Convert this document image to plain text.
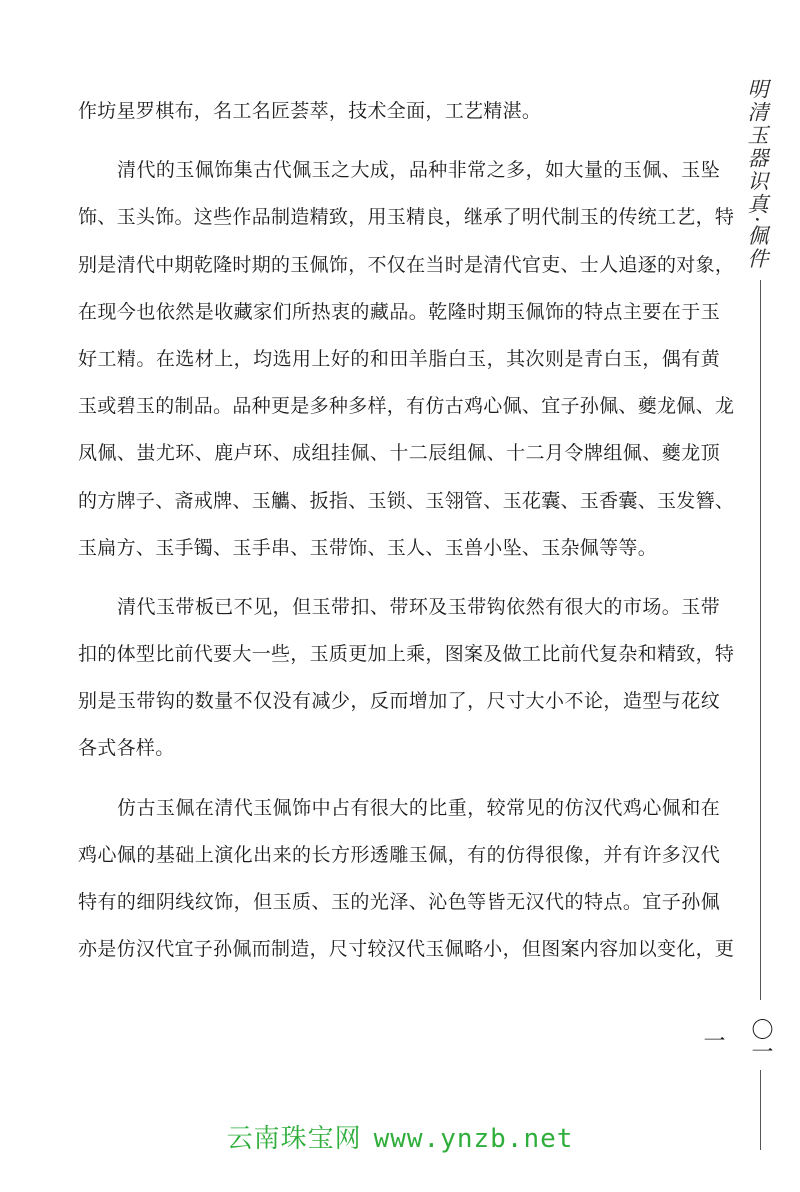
作坊星罗棋布，名工名匠荟萃，技术全面，工艺精湛。
清代的玉佩饰集古代佩玉之大成，品种非常之多，如大量的玉佩、玉坠
饰、玉头饰。这些作品制造精致，用玉精良，继承了明代制玉的传统工艺，特
别是清代中期乾隆时期的玉佩饰，不仅在当时是清代官吏、士人追逐的对象，
在现今也依然是收藏家们所热衷的藏品。乾隆时期玉佩饰的特点主要在于玉
好工精。在选材上，均选用上好的和田羊脂白玉，其次则是青白玉，偶有黄
玉或碧玉的制品。品种更是多种多样，有仿古鸡心佩、宜子孙佩、夔龙佩、龙
凤佩、蚩尤环、鹿卢环、成组挂佩、十二辰组佩、十二月令牌组佩、夔龙顶
的方牌子、斋戒牌、玉觿、扳指、玉锁、玉翎管、玉花囊、玉香囊、玉发簪、
玉扁方、玉手镯、玉手串、玉带饰、玉人、玉兽小坠、玉杂佩等等。
清代玉带板已不见，但玉带扣、带环及玉带钩依然有很大的市场。玉带
扣的体型比前代要大一些，玉质更加上乘，图案及做工比前代复杂和精致，特
别是玉带钩的数量不仅没有减少，反而增加了，尺寸大小不论，造型与花纹
各式各样。
仿古玉佩在清代玉佩饰中占有很大的比重，较常见的仿汉代鸡心佩和在
鸡心佩的基础上演化出来的长方形透雕玉佩，有的仿得很像，并有许多汉代
特有的细阴线纹饰，但玉质、玉的光泽、沁色等皆无汉代的特点。宜子孙佩
亦是仿汉代宜子孙佩而制造，尺寸较汉代玉佩略小，但图案内容加以变化，更
明清玉器识真·佩件
〇一一
云南珠宝网 www.ynzb.net
